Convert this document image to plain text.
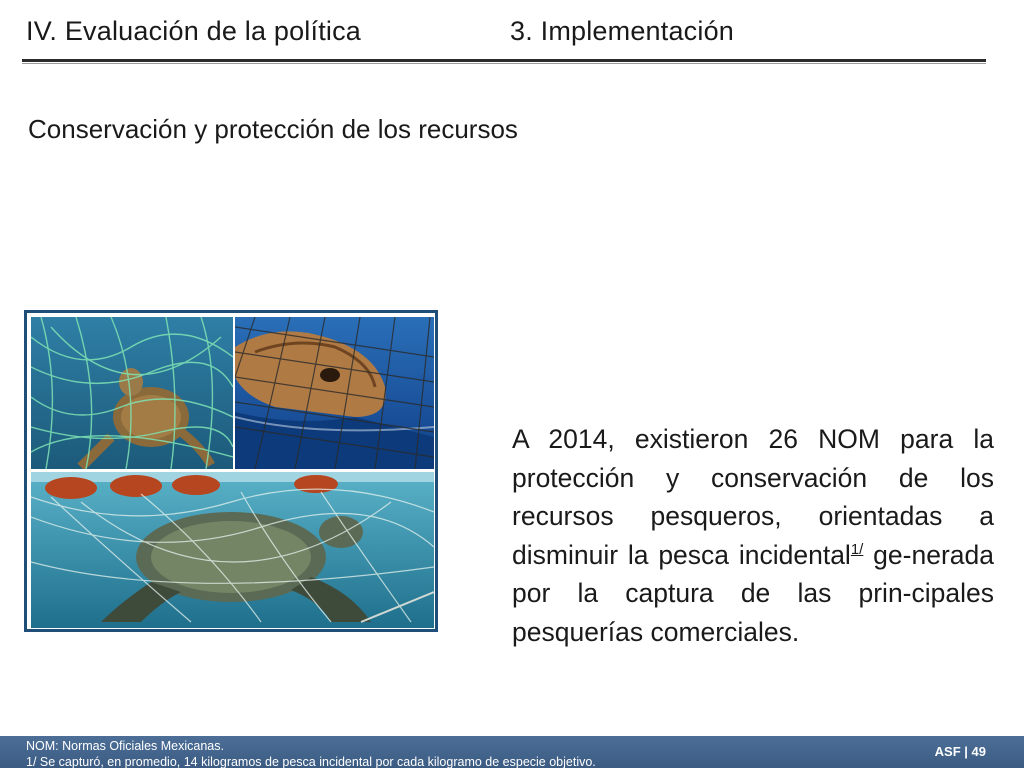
IV. Evaluación de la política	3. Implementación
Conservación y protección de los recursos
A 2014, existieron 26 NOM para la protección y conservación de los recursos pesqueros, orientadas a disminuir la pesca incidental$^{1/}$ ge-nerada por la captura de las prin-cipales pesquerías comerciales.
NOM: Normas Oficiales Mexicanas.
1/ Se capturó, en promedio, 14 kilogramos de pesca incidental por cada kilogramo de especie objetivo.
ASF | 49
